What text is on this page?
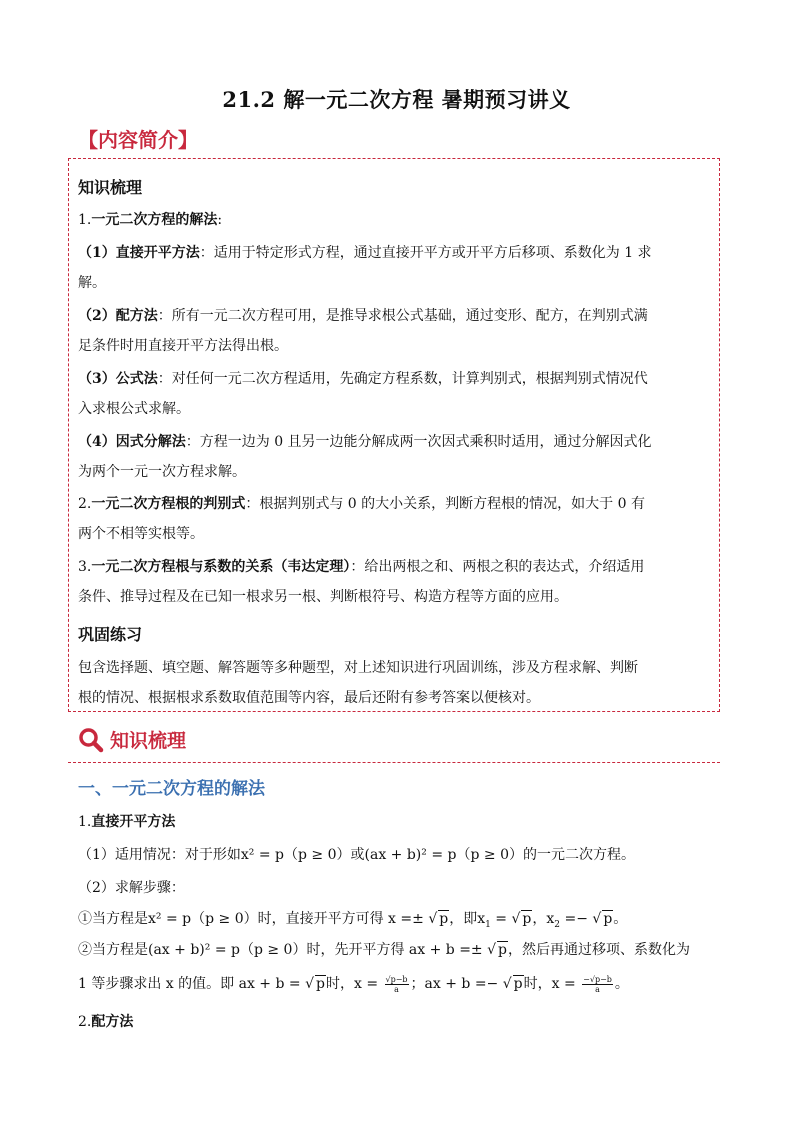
21.2 解一元二次方程 暑期预习讲义
【内容简介】
知识梳理
1.一元二次方程的解法:
（1）直接开平方法：适用于特定形式方程，通过直接开平方或开平方后移项、系数化为 1 求
解。
（2）配方法：所有一元二次方程可用，是推导求根公式基础，通过变形、配方，在判别式满
足条件时用直接开平方法得出根。
（3）公式法：对任何一元二次方程适用，先确定方程系数，计算判别式，根据判别式情况代
入求根公式求解。
（4）因式分解法：方程一边为 0 且另一边能分解成两一次因式乘积时适用，通过分解因式化
为两个一元一次方程求解。
2.一元二次方程根的判别式：根据判别式与 0 的大小关系，判断方程根的情况，如大于 0 有
两个不相等实根等。
3.一元二次方程根与系数的关系（韦达定理）：给出两根之和、两根之积的表达式，介绍适用
条件、推导过程及在已知一根求另一根、判断根符号、构造方程等方面的应用。
巩固练习
包含选择题、填空题、解答题等多种题型，对上述知识进行巩固训练，涉及方程求解、判断
根的情况、根据根求系数取值范围等内容，最后还附有参考答案以便核对。
知识梳理
一、一元二次方程的解法
1.直接开平方法
（1）适用情况：对于形如x² = p（p ≥ 0）或(ax + b)² = p（p ≥ 0）的一元二次方程。
（2）求解步骤：
①当方程是x² = p（p ≥ 0）时，直接开平方可得 x =± √ p，即$x_1$ = √ p，$x_2$ =− √ p。
②当方程是(ax + b)² = p（p ≥ 0）时，先开平方得 ax + b =± √ p，然后再通过移项、系数化为
1 等步骤求出 x 的值。即 ax + b = √ p时，$x = \frac{√p-b}{a}$ ；ax + b =− √ p时，$x = \frac{-√p-b}{a}$ 。
2.配方法
